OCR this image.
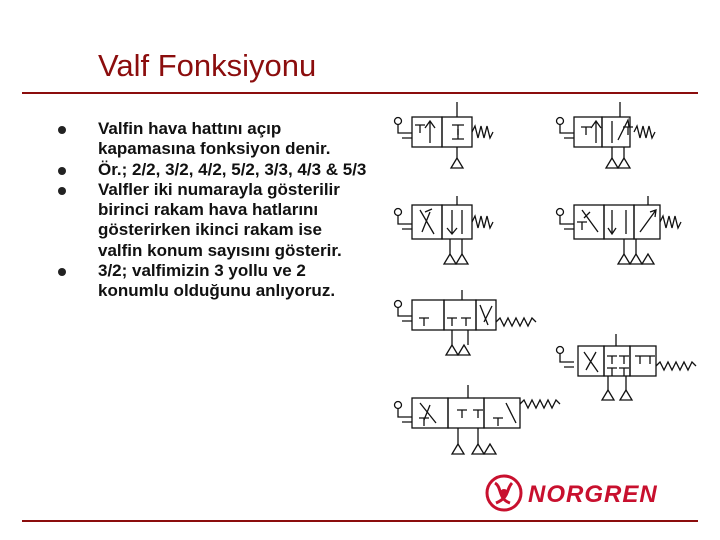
Valf Fonksiyonu
Valfin hava hattını açıp kapamasına fonksiyon denir.
Ör.; 2/2, 3/2, 4/2, 5/2, 3/3, 4/3 & 5/3
Valfler iki numarayla gösterilir birinci rakam hava hatlarını gösterirken ikinci rakam ise valfin konum sayısını gösterir.
3/2; valfimizin 3 yollu ve 2 konumlu olduğunu anlıyoruz.
NORGREN
